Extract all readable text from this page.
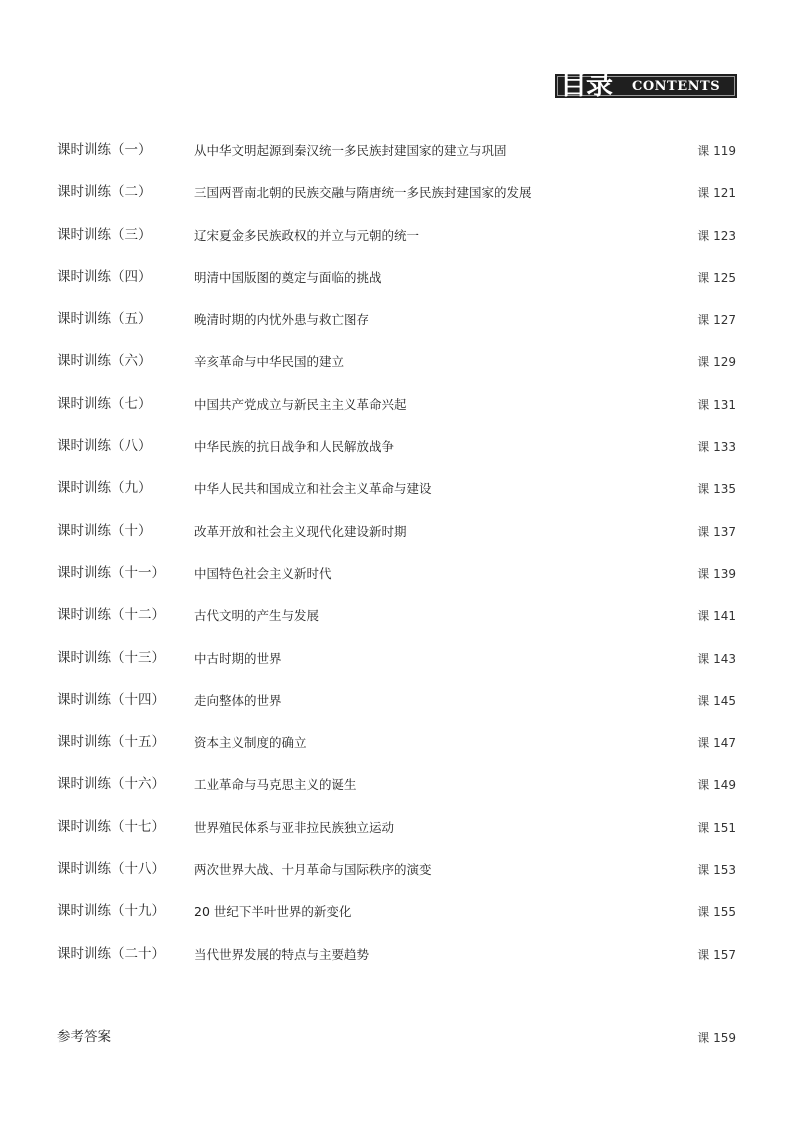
目录 CONTENTS
课时训练（一）	从中华文明起源到秦汉统一多民族封建国家的建立与巩固	课 119
课时训练（二）	三国两晋南北朝的民族交融与隋唐统一多民族封建国家的发展	课 121
课时训练（三）	辽宋夏金多民族政权的并立与元朝的统一	课 123
课时训练（四）	明清中国版图的奠定与面临的挑战	课 125
课时训练（五）	晚清时期的内忧外患与救亡图存	课 127
课时训练（六）	辛亥革命与中华民国的建立	课 129
课时训练（七）	中国共产党成立与新民主主义革命兴起	课 131
课时训练（八）	中华民族的抗日战争和人民解放战争	课 133
课时训练（九）	中华人民共和国成立和社会主义革命与建设	课 135
课时训练（十）	改革开放和社会主义现代化建设新时期	课 137
课时训练（十一） 中国特色社会主义新时代	课 139
课时训练（十二） 古代文明的产生与发展	课 141
课时训练（十三） 中古时期的世界	课 143
课时训练（十四） 走向整体的世界	课 145
课时训练（十五） 资本主义制度的确立	课 147
课时训练（十六） 工业革命与马克思主义的诞生	课 149
课时训练（十七） 世界殖民体系与亚非拉民族独立运动	课 151
课时训练（十八） 两次世界大战、十月革命与国际秩序的演变	课 153
课时训练（十九） 20 世纪下半叶世界的新变化	课 155
课时训练（二十） 当代世界发展的特点与主要趋势	课 157
参考答案	课 159
